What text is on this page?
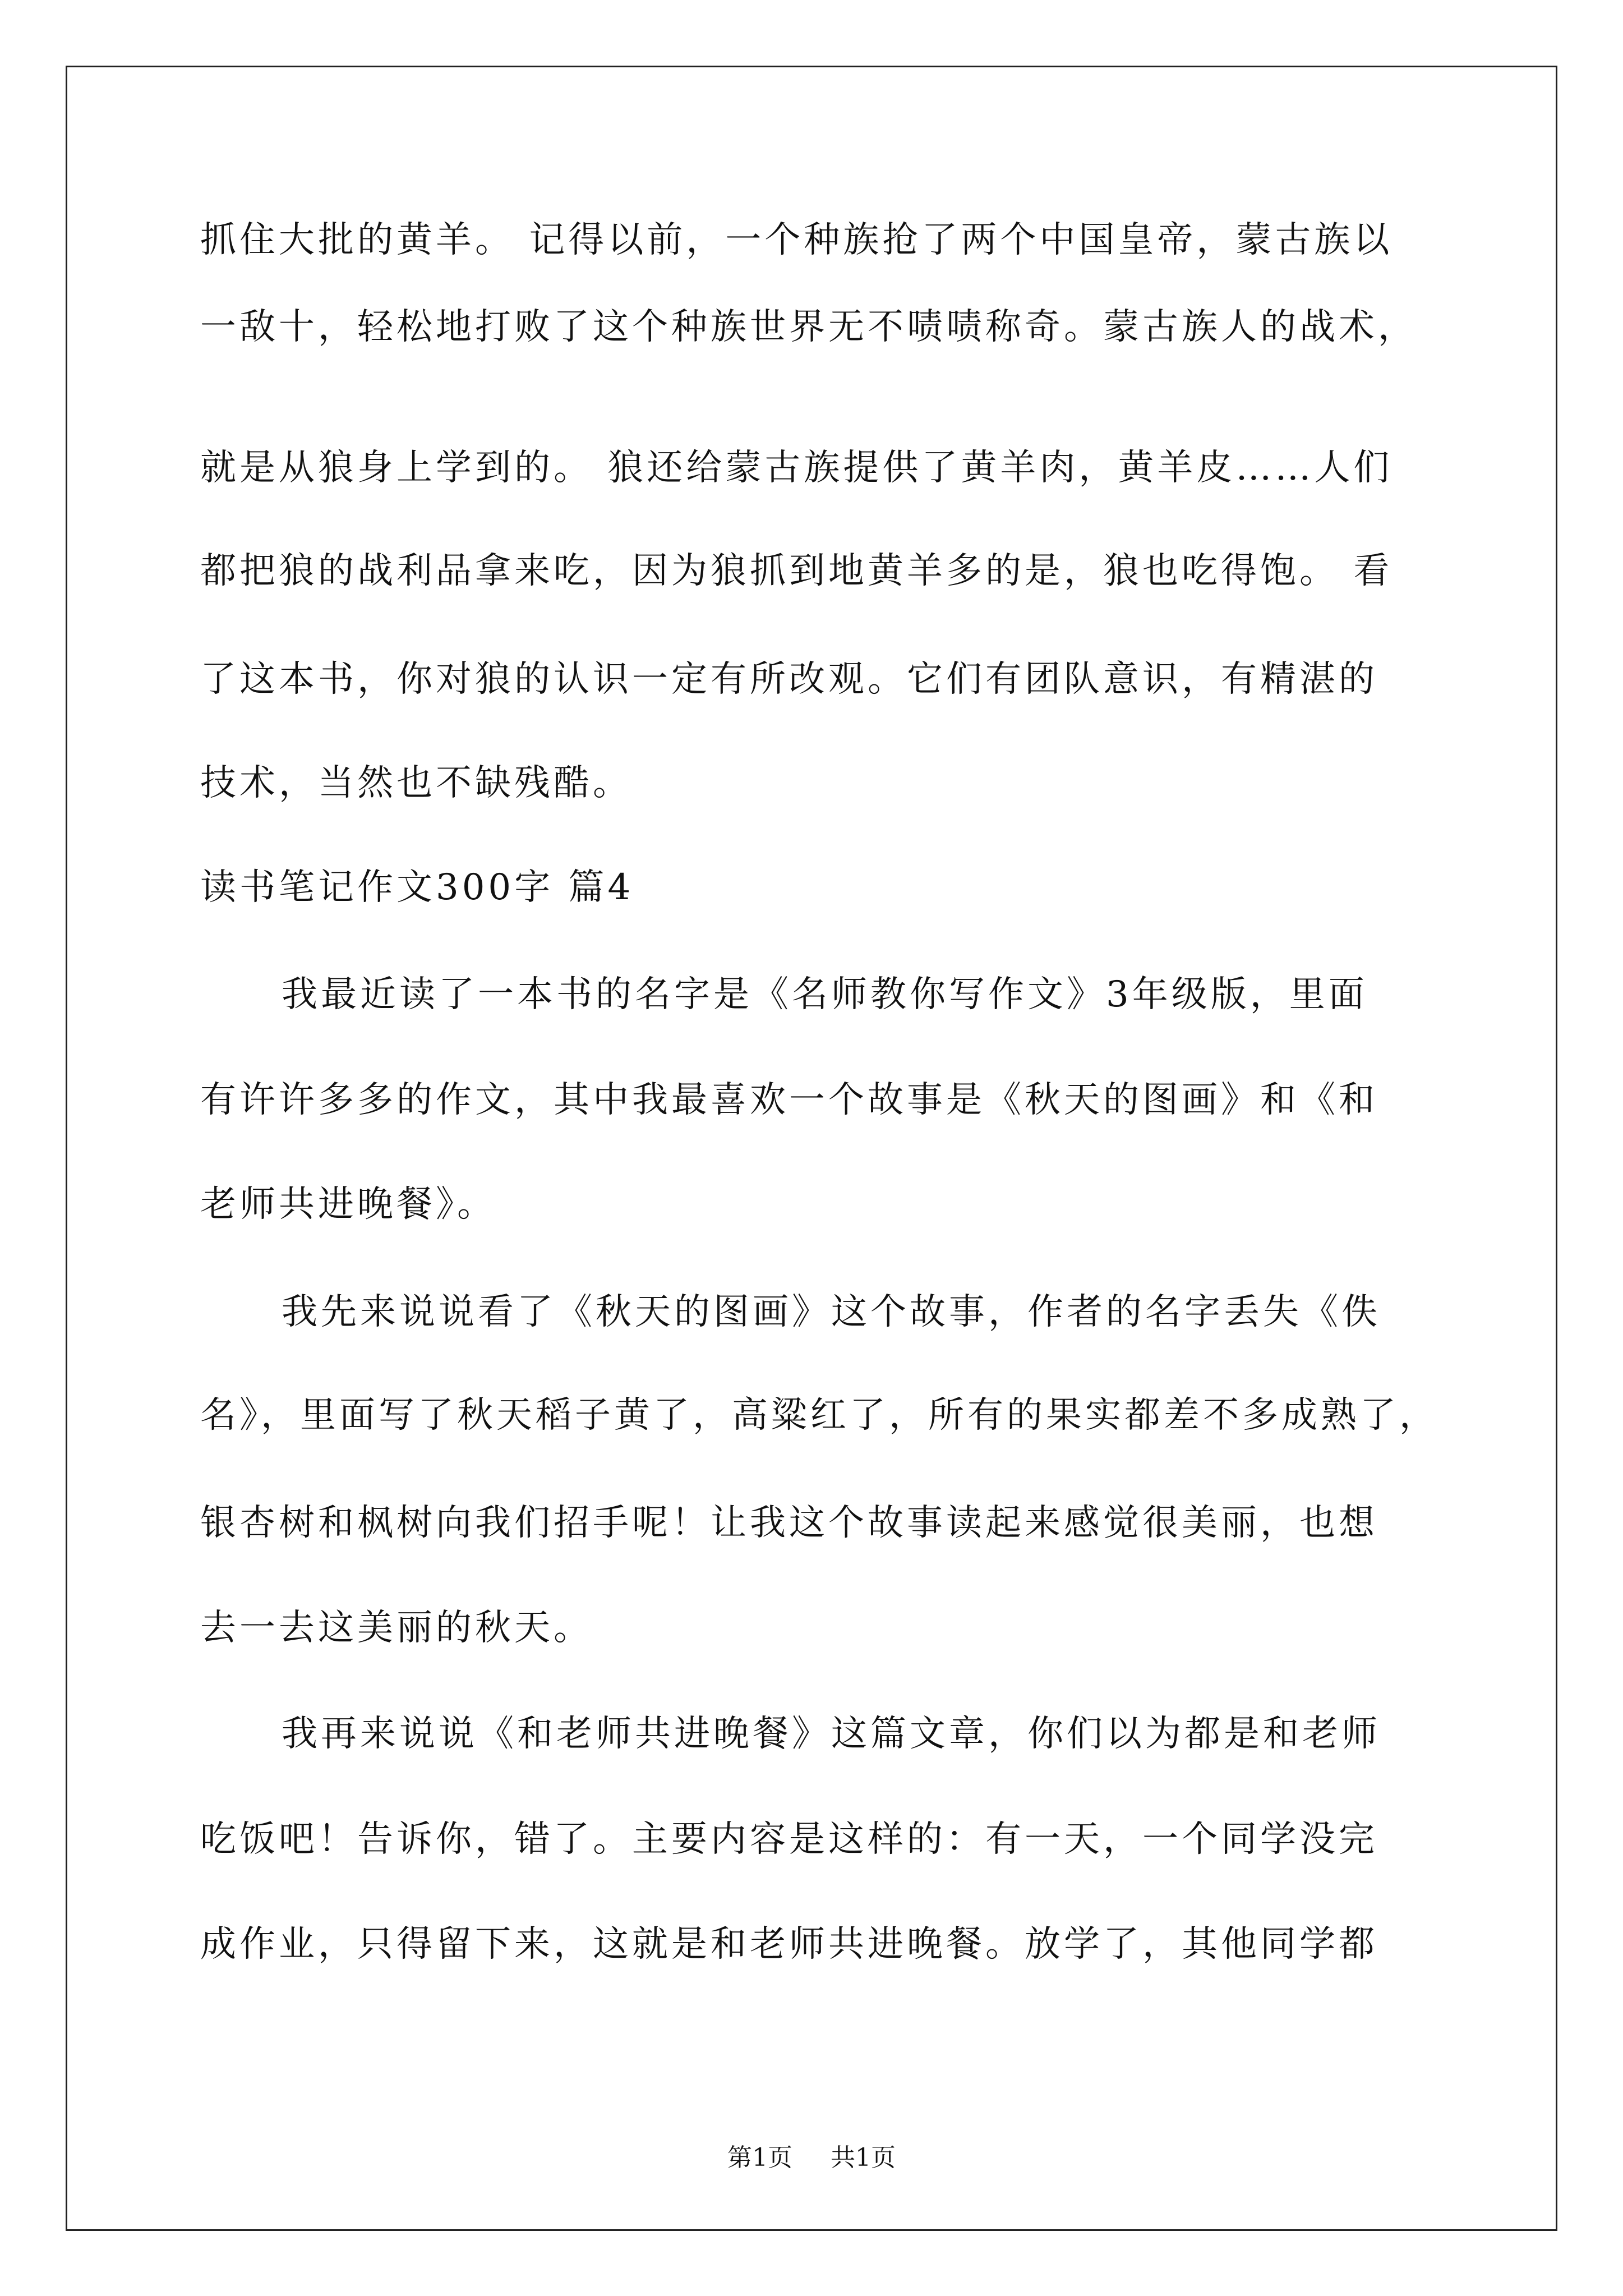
抓住大批的黄羊。 记得以前，一个种族抢了两个中国皇帝，蒙古族以
一敌十，轻松地打败了这个种族世界无不啧啧称奇。蒙古族人的战术，
就是从狼身上学到的。 狼还给蒙古族提供了黄羊肉，黄羊皮……人们
都把狼的战利品拿来吃，因为狼抓到地黄羊多的是，狼也吃得饱。 看
了这本书，你对狼的认识一定有所改观。它们有团队意识，有精湛的
技术，当然也不缺残酷。
读书笔记作文300字 篇4
我最近读了一本书的名字是《名师教你写作文》3年级版，里面
有许许多多的作文，其中我最喜欢一个故事是《秋天的图画》和《和
老师共进晚餐》。
我先来说说看了《秋天的图画》这个故事，作者的名字丢失《佚
名》，里面写了秋天稻子黄了，高粱红了，所有的果实都差不多成熟了，
银杏树和枫树向我们招手呢！让我这个故事读起来感觉很美丽，也想
去一去这美丽的秋天。
我再来说说《和老师共进晚餐》这篇文章，你们以为都是和老师
吃饭吧！告诉你，错了。主要内容是这样的：有一天，一个同学没完
成作业，只得留下来，这就是和老师共进晚餐。放学了，其他同学都
第1页 共1页
